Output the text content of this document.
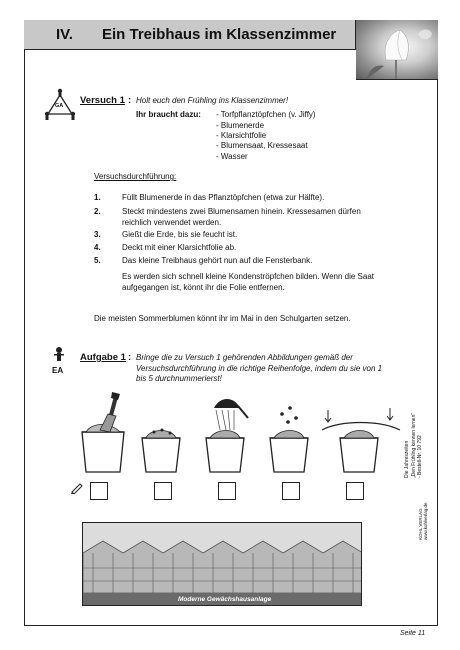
IV. Ein Treibhaus im Klassenzimmer
GA Versuch 1 : Holt euch den Frühling ins Klassenzimmer!
Ihr braucht dazu: - Torfpflanztöpfchen (v. Jiffy)
- Blumenerde
- Klarsichtfolie
- Blumensaat, Kressesaat
- Wasser
Versuchsdurchführung:
1.	Füllt Blumenerde in das Pflanztöpfchen (etwa zur Hälfte).
2.	Steckt mindestens zwei Blumensamen hinein. Kressesamen dürfen reichlich verwendet werden.
3.	Gießt die Erde, bis sie feucht ist.
4.	Deckt mit einer Klarsichtfolie ab.
5.	Das kleine Treibhaus gehört nun auf die Fensterbank.
Es werden sich schnell kleine Kondenströpfchen bilden. Wenn die Saat aufgegangen ist, könnt ihr die Folie entfernen.
Die meisten Sommerblumen könnt ihr im Mai in den Schulgarten setzen.
EA
Aufgabe 1 : Bringe die zu Versuch 1 gehörenden Abbildungen gemäß der Versuchsdurchführung in die richtige Reihenfolge, indem du sie von 1 bis 5 durchnummerierst!
Moderne Gewächshausanlage
Die Jahreszeiten „Den Frühling kennen lernen“ - Bestell-Nr. 10 792
KOHL VERLAG www.kohlverlag.de
Seite 11
